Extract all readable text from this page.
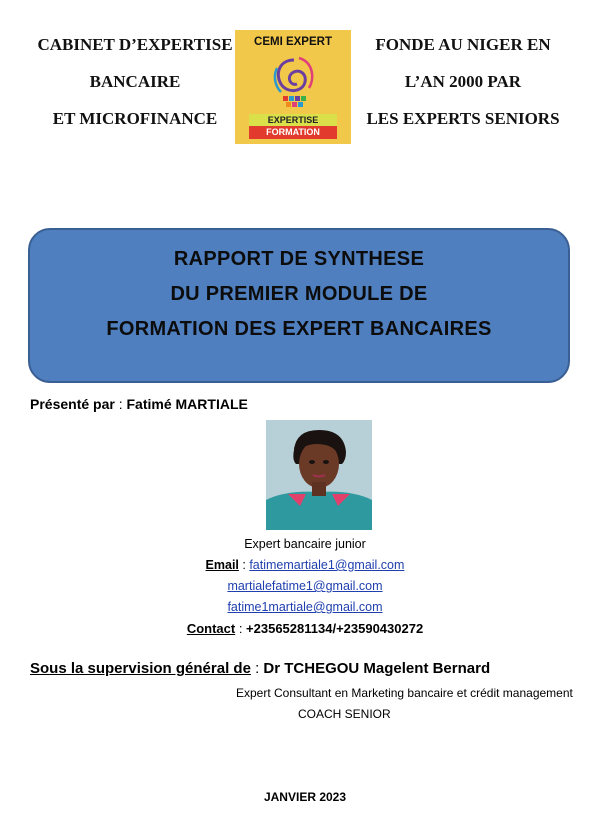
CABINET D’EXPERTISE
BANCAIRE
ET MICROFINANCE
CEMI EXPERT
EXPERTISE
FORMATION
FONDE AU NIGER EN
L’AN 2000 PAR
LES EXPERTS SENIORS
RAPPORT DE SYNTHESE
DU PREMIER MODULE DE
FORMATION DES EXPERT BANCAIRES
Présenté par : Fatimé MARTIALE
Expert bancaire junior
Email : fatimemartiale1@gmail.com
martialefatime1@gmail.com
fatime1martiale@gmail.com
Contact : +23565281134/+23590430272
Sous la supervision général de : Dr TCHEGOU Magelent Bernard
Expert Consultant en Marketing bancaire et crédit management
COACH SENIOR
JANVIER 2023
